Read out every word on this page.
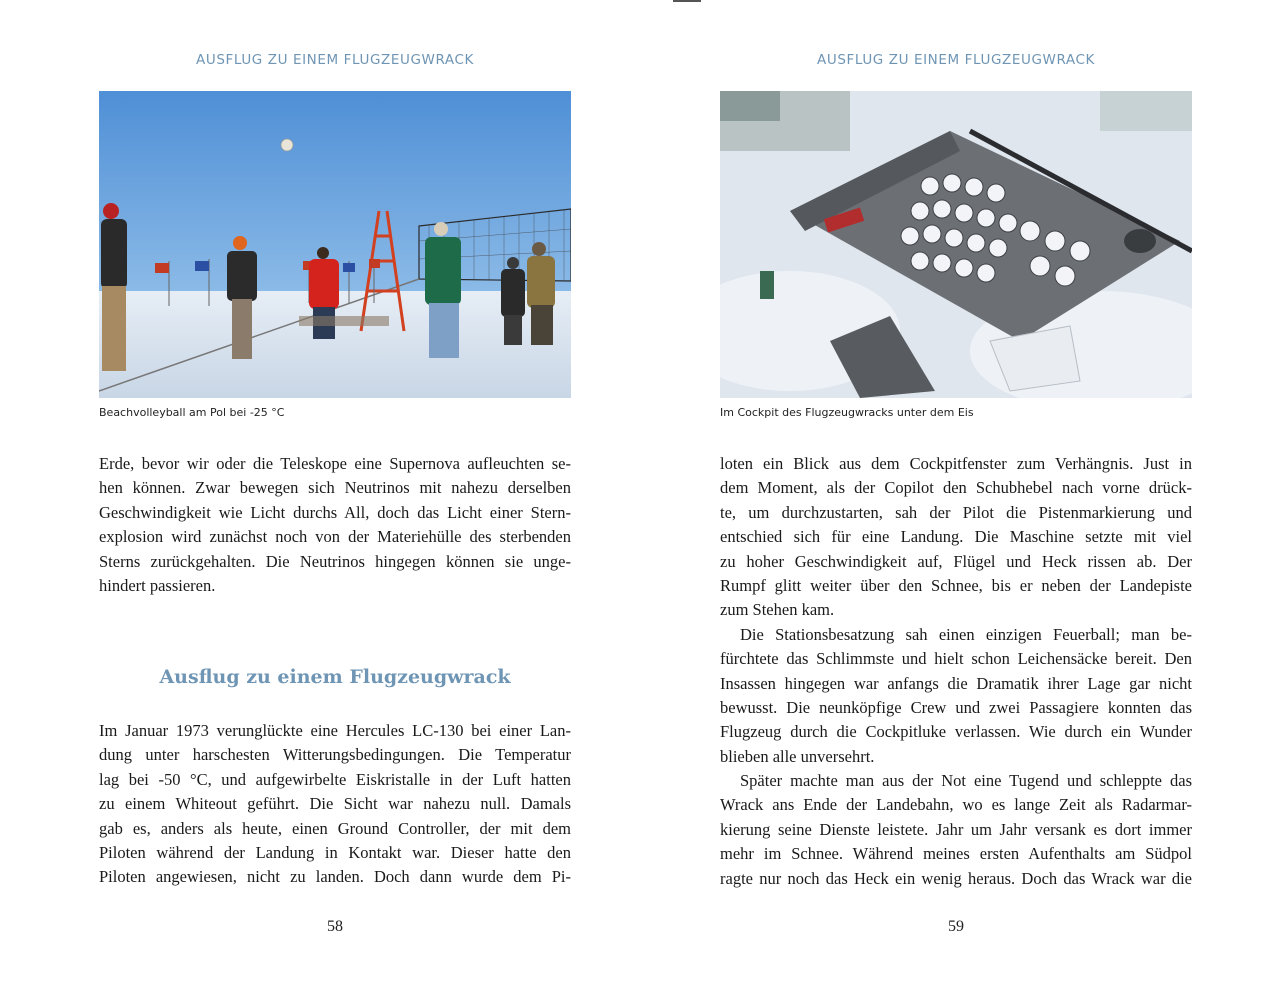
AUSFLUG ZU EINEM FLUGZEUGWRACK
Beachvolleyball am Pol bei -25 °C

Erde, bevor wir oder die Teleskope eine Supernova aufleuchten se-
hen können. Zwar bewegen sich Neutrinos mit nahezu derselben
Geschwindigkeit wie Licht durchs All, doch das Licht einer Stern-
explosion wird zunächst noch von der Materiehülle des sterbenden
Sterns zurückgehalten. Die Neutrinos hingegen können sie unge-
hindert passieren.

Ausflug zu einem Flugzeugwrack

Im Januar 1973 verunglückte eine Hercules LC-130 bei einer Lan-
dung unter harschesten Witterungsbedingungen. Die Temperatur
lag bei -50 °C, und aufgewirbelte Eiskristalle in der Luft hatten
zu einem Whiteout geführt. Die Sicht war nahezu null. Damals
gab es, anders als heute, einen Ground Controller, der mit dem
Piloten während der Landung in Kontakt war. Dieser hatte den
Piloten angewiesen, nicht zu landen. Doch dann wurde dem Pi-

58
AUSFLUG ZU EINEM FLUGZEUGWRACK
Im Cockpit des Flugzeugwracks unter dem Eis

loten ein Blick aus dem Cockpitfenster zum Verhängnis. Just in
dem Moment, als der Copilot den Schubhebel nach vorne drück-
te, um durchzustarten, sah der Pilot die Pistenmarkierung und
entschied sich für eine Landung. Die Maschine setzte mit viel
zu hoher Geschwindigkeit auf, Flügel und Heck rissen ab. Der
Rumpf glitt weiter über den Schnee, bis er neben der Landepiste
zum Stehen kam.
Die Stationsbesatzung sah einen einzigen Feuerball; man be-
fürchtete das Schlimmste und hielt schon Leichensäcke bereit. Den
Insassen hingegen war anfangs die Dramatik ihrer Lage gar nicht
bewusst. Die neunköpfige Crew und zwei Passagiere konnten das
Flugzeug durch die Cockpitluke verlassen. Wie durch ein Wunder
blieben alle unversehrt.
Später machte man aus der Not eine Tugend und schleppte das
Wrack ans Ende der Landebahn, wo es lange Zeit als Radarmar-
kierung seine Dienste leistete. Jahr um Jahr versank es dort immer
mehr im Schnee. Während meines ersten Aufenthalts am Südpol
ragte nur noch das Heck ein wenig heraus. Doch das Wrack war die

59
